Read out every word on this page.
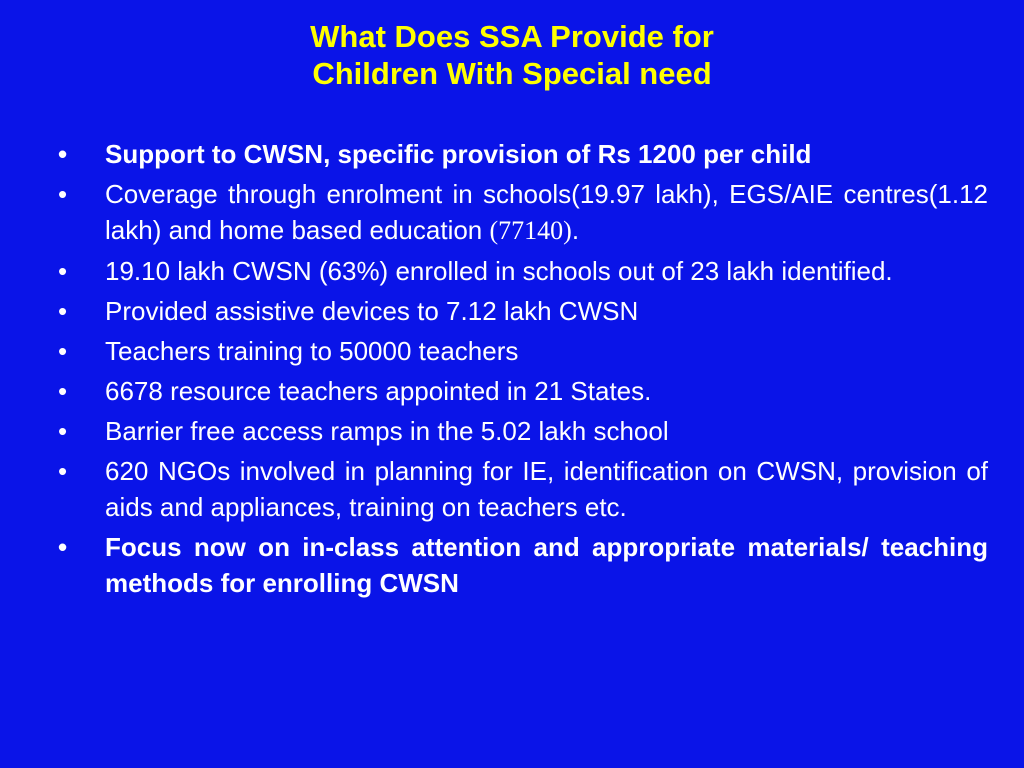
What Does SSA Provide for
Children With Special need
•	Support to CWSN, specific provision of Rs 1200 per child
•	Coverage through enrolment in schools(19.97 lakh), EGS/AIE centres(1.12 lakh) and home based education (77140).
•	19.10 lakh CWSN (63%) enrolled in schools out of 23 lakh identified.
•	Provided assistive devices to 7.12 lakh CWSN
•	Teachers training to 50000 teachers
•	6678 resource teachers appointed in 21 States.
•	Barrier free access ramps in the 5.02 lakh school
•	620 NGOs involved in planning for IE, identification on CWSN, provision of aids and appliances, training on teachers etc.
•	Focus now on in-class attention and appropriate materials/ teaching methods for enrolling CWSN
